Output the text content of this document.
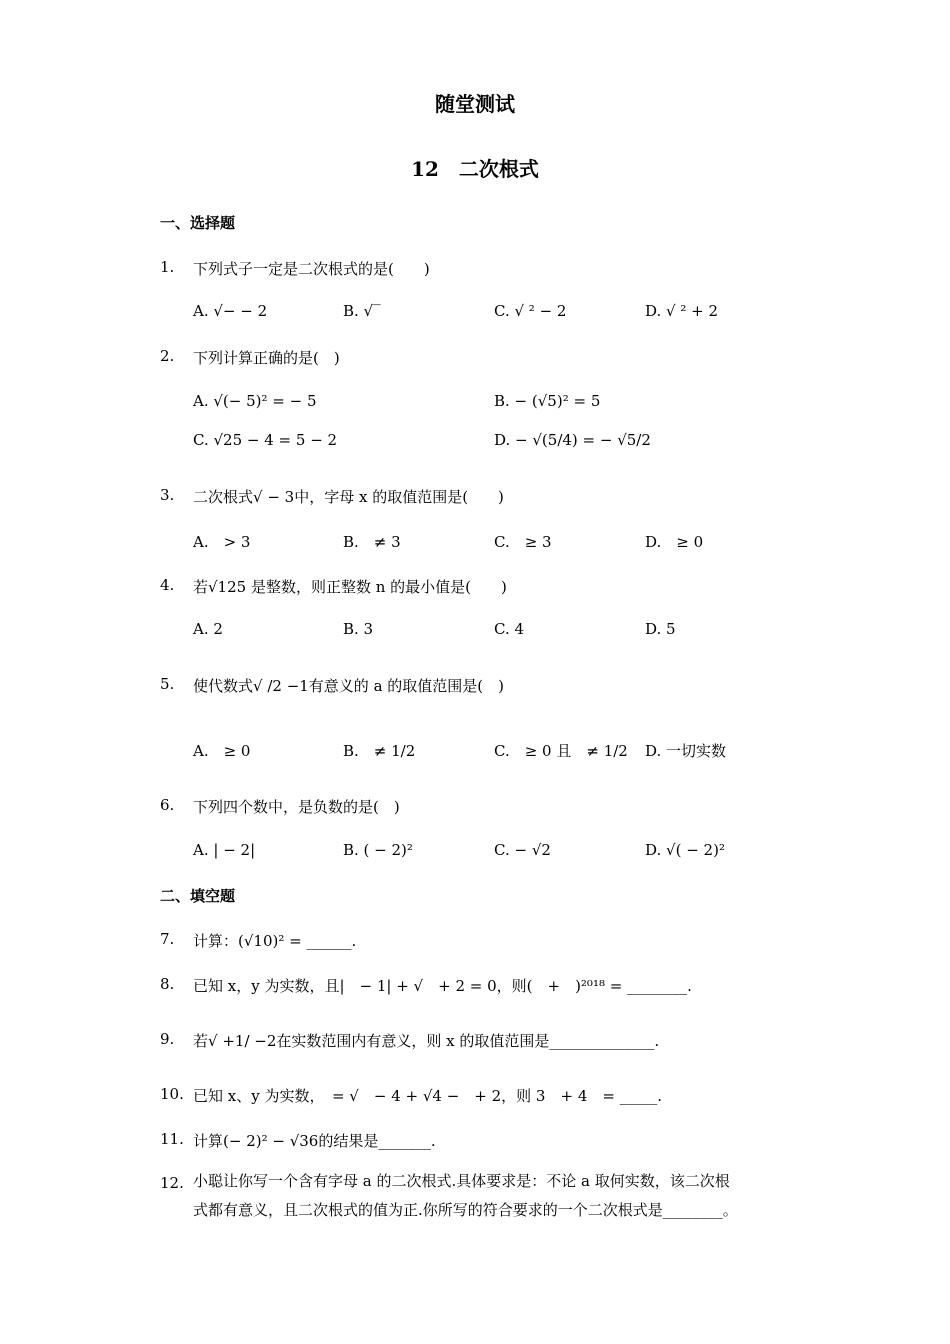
随堂测试
12　二次根式
一、选择题
1. 下列式子一定是二次根式的是(　　)
A. √− − 2	B. √‾	C. √ ² − 2	D. √ ² + 2
2. 下列计算正确的是(　)
A. √(− 5)² = − 5	B. − (√5)² = 5
C. √25 − 4 = 5 − 2	D. − √(5/4) = − √5/2
3. 二次根式√ − 3中，字母 x 的取值范围是(　　)
A.　> 3	B.　≠ 3	C.　≥ 3	D.　≥ 0
4. 若√125 是整数，则正整数 n 的最小值是(　　)
A. 2	B. 3	C. 4	D. 5
5. 使代数式√ /2 −1有意义的 a 的取值范围是(　)
A.　≥ 0	B.　≠ 1/2	C.　≥ 0 且　≠ 1/2 D. 一切实数
6. 下列四个数中，是负数的是(　)
A. | − 2|	B. ( − 2)²	C. − √2	D. √( − 2)²
二、填空题
7. 计算：(√10)² = ______.
8. 已知 x，y 为实数，且|　− 1| + √　+ 2 = 0，则(　+　)²⁰¹⁸ = ________.
9. 若√ +1/ −2在实数范围内有意义，则 x 的取值范围是______________.
10. 已知 x、y 为实数，　= √　− 4 + √4 −　+ 2，则 3　+ 4　= _____.
11. 计算(− 2)² − √36的结果是_______.
12. 小聪让你写一个含有字母 a 的二次根式.具体要求是：不论 a 取何实数，该二次根
式都有意义，且二次根式的值为正.你所写的符合要求的一个二次根式是________。
